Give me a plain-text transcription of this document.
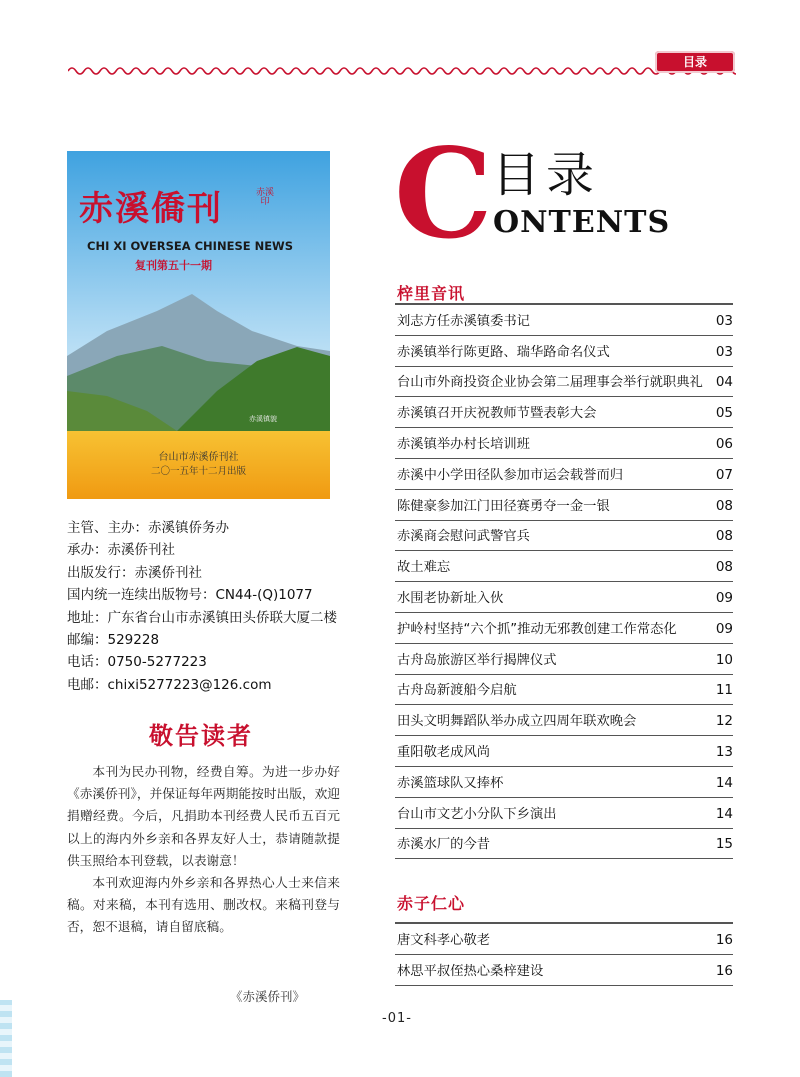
目录
赤溪僑刊	赤溪印
CHI XI OVERSEA CHINESE NEWS
复刊第五十一期
赤溪镇貌
台山市赤溪侨刊社
二〇一五年十二月出版
主管、主办：赤溪镇侨务办
承办：赤溪侨刊社
出版发行：赤溪侨刊社
国内统一连续出版物号：CN44-(Q)1077
地址：广东省台山市赤溪镇田头侨联大厦二楼
邮编：529228
电话：0750-5277223
电邮：chixi5277223@126.com
敬告读者

本刊为民办刊物，经费自筹。为进一步办好《赤溪侨刊》，并保证每年两期能按时出版，欢迎捐赠经费。今后，凡捐助本刊经费人民币五百元以上的海内外乡亲和各界友好人士，恭请随款提供玉照给本刊登载，以表谢意！

本刊欢迎海内外乡亲和各界热心人士来信来稿。对来稿，本刊有选用、删改权。来稿刊登与否，恕不退稿，请自留底稿。

《赤溪侨刊》
C 目录
ONTENTS
梓里音讯
刘志方任赤溪镇委书记	03
赤溪镇举行陈更路、瑞华路命名仪式	03
台山市外商投资企业协会第二届理事会举行就职典礼 04
赤溪镇召开庆祝教师节暨表彰大会	05
赤溪镇举办村长培训班	06
赤溪中小学田径队参加市运会载誉而归	07
陈健豪参加江门田径赛勇夺一金一银	08
赤溪商会慰问武警官兵	08
故土难忘	08
水围老协新址入伙	09
护岭村坚持“六个抓”推动无邪教创建工作常态化	09
古舟岛旅游区举行揭牌仪式	10
古舟岛新渡船今启航	11
田头文明舞蹈队举办成立四周年联欢晚会	12
重阳敬老成风尚	13
赤溪篮球队又捧杯	14
台山市文艺小分队下乡演出	14
赤溪水厂的今昔	15
赤子仁心
唐文科孝心敬老	16
林思平叔侄热心桑梓建设	16
-01-
